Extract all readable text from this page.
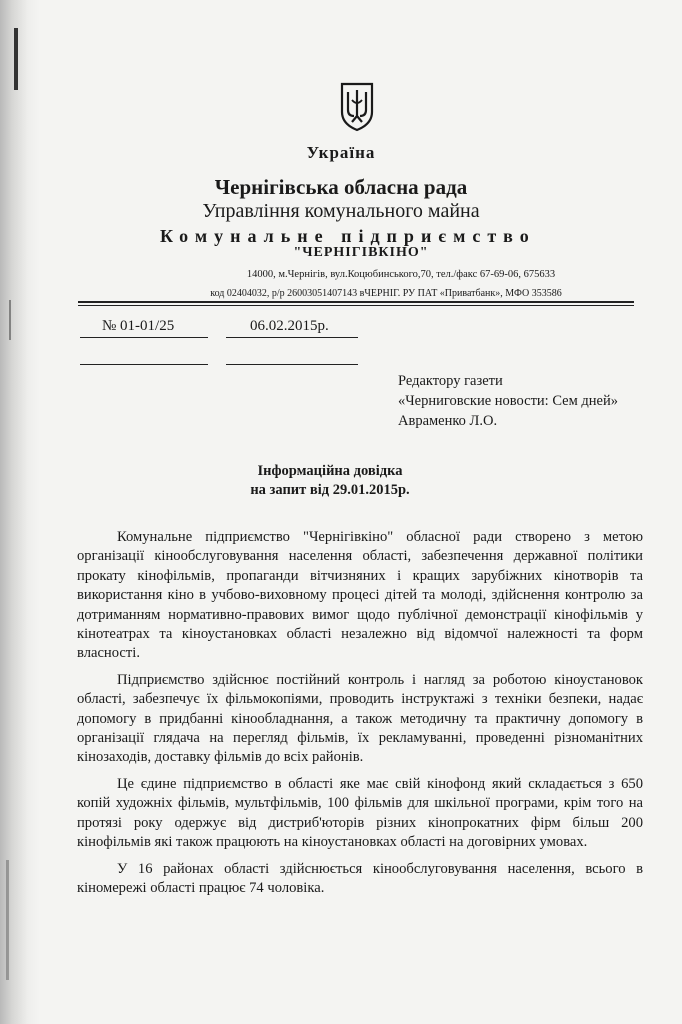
Україна
Чернігівська обласна рада
Управління комунального майна
Комунальне підприємство
"ЧЕРНІГІВКІНО"
14000, м.Чернігів, вул.Коцюбинського,70, тел./факс 67-69-06, 675633
код 02404032, р/р 26003051407143 вЧЕРНІГ. РУ ПАТ «Приватбанк», МФО 353586
№ 01-01/25	06.02.2015р.
Редактору газети
«Черниговские новости: Сем дней»
Авраменко Л.О.
Інформаційна довідка
на запит від 29.01.2015р.

Комунальне підприємство "Чернігівкіно" обласної ради створено з метою організації кінообслуговування населення області, забезпечення державної політики прокату кінофільмів, пропаганди вітчизняних і кращих зарубіжних кінотворів та використання кіно в учбово-виховному процесі дітей та молоді, здійснення контролю за дотриманням нормативно-правових вимог щодо публічної демонстрації кінофільмів у кінотеатрах та кіноустановках області незалежно від відомчої належності та форм власності.

Підприємство здійснює постійний контроль і нагляд за роботою кіноустановок області, забезпечує їх фільмокопіями, проводить інструктажі з техніки безпеки, надає допомогу в придбанні кінообладнання, а також методичну та практичну допомогу в організації глядача на перегляд фільмів, їх рекламуванні, проведенні різноманітних кінозаходів, доставку фільмів до всіх районів.

Це єдине підприємство в області яке має свій кінофонд який складається з 650 копій художніх фільмів, мультфільмів, 100 фільмів для шкільної програми, крім того на протязі року одержує від дистриб'юторів різних кінопрокатних фірм більш 200 кінофільмів які також працюють на кіноустановках області на договірних умовах.

У 16 районах області здійснюється кінообслуговування населення, всього в кіномережі області працює 74 чоловіка.
